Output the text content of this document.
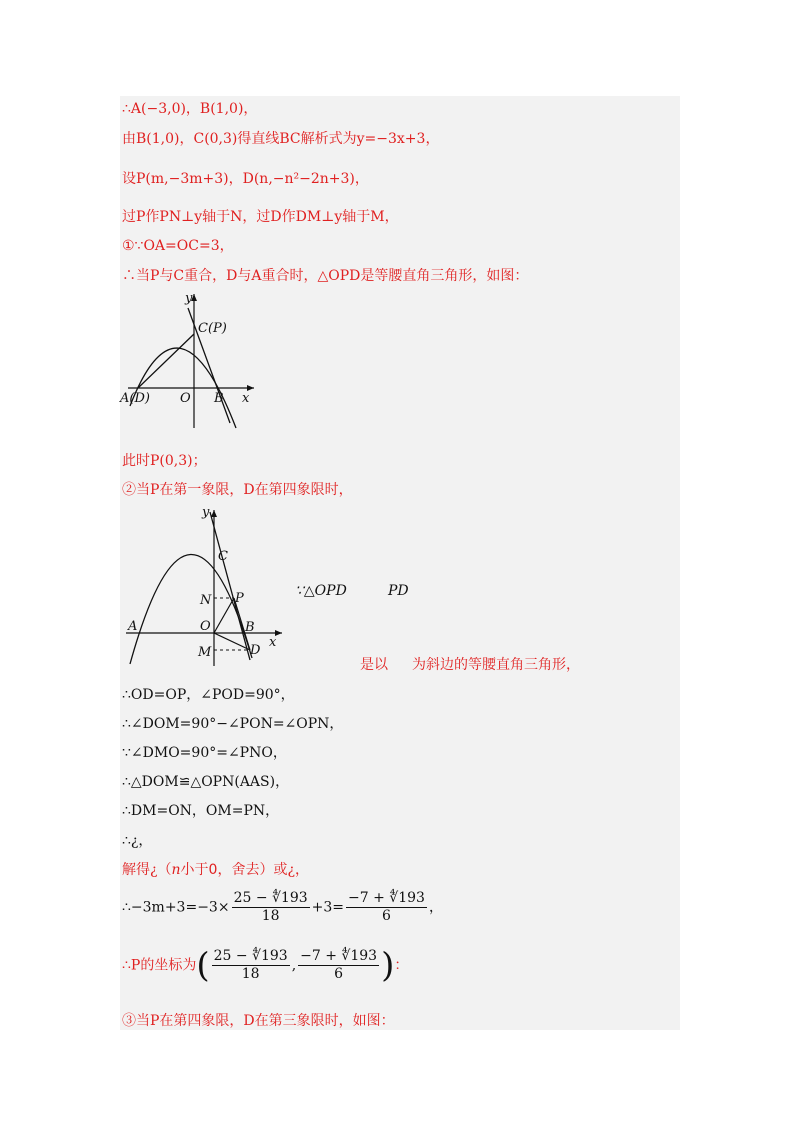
∴A(−3,0)，B(1,0)，
由B(1,0)，C(0,3)得直线BC解析式为y=−3x+3，
设P(m,−3m+3)，D(n,−n²−2n+3)，
过P作PN⊥y轴于N，过D作DM⊥y轴于M，
①∵OA=OC=3，
∴当P与C重合，D与A重合时，△OPD是等腰直角三角形，如图：
y
C(P)
A(D) O B x
此时P(0,3)；
②当P在第一象限，D在第四象限时，
y
C
P
N
A	O	B
x
M	D
∵△OPD	PD
是以 为斜边的等腰直角三角形，
∴OD=OP，∠POD=90°，
∴∠DOM=90°−∠PON=∠OPN，
∵∠DMO=90°=∠PNO，
∴△DOM≌△OPN(AAS)，
∴DM=ON，OM=PN，
∴¿，
解得¿（n小于0，舍去）或¿，
∴−3m+3=−3× $\frac{25 - ∜193}{18} +3= \frac{-7 + ∜193}{6}$ ，
∴P的坐标为( $\frac{25 - ∜193}{18}$ , $\frac{-7 + ∜193}{6}$ )：
③当P在第四象限，D在第三象限时，如图：
